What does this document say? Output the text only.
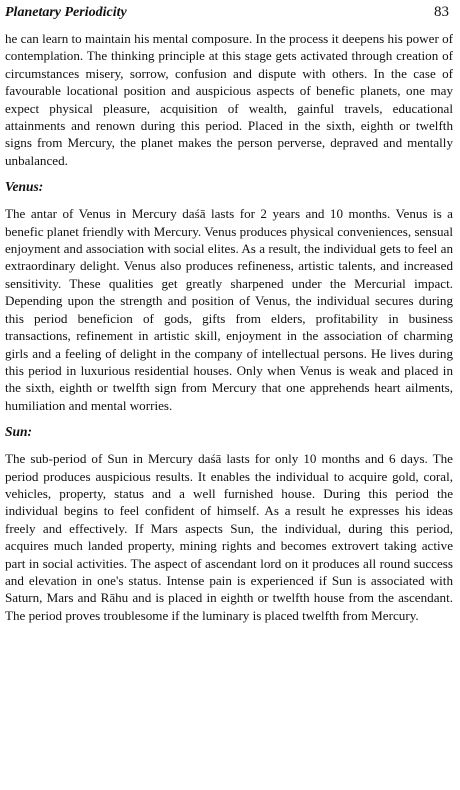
Planetary Periodicity	83

he can learn to maintain his mental composure. In the process it deepens his power of contemplation. The thinking principle at this stage gets activated through creation of circumstances misery, sorrow, confusion and dispute with others. In the case of favourable locational position and auspicious aspects of benefic planets, one may expect physical pleasure, acquisition of wealth, gainful travels, educational attainments and renown during this period. Placed in the sixth, eighth or twelfth signs from Mercury, the planet makes the person perverse, depraved and mentally unbalanced.

Venus:

The antar of Venus in Mercury daśā lasts for 2 years and 10 months. Venus is a benefic planet friendly with Mercury. Venus produces physical conveniences, sensual enjoyment and association with social elites. As a result, the individual gets to feel an extraordinary delight. Venus also produces refineness, artistic talents, and increased sensitivity. These qualities get greatly sharpened under the Mercurial impact. Depending upon the strength and position of Venus, the individual secures during this period beneficion of gods, gifts from elders, profitability in business transactions, refinement in artistic skill, enjoyment in the association of charming girls and a feeling of delight in the company of intellectual persons. He lives during this period in luxurious residential houses. Only when Venus is weak and placed in the sixth, eighth or twelfth sign from Mercury that one apprehends heart ailments, humiliation and mental worries.

Sun:

The sub-period of Sun in Mercury daśā lasts for only 10 months and 6 days. The period produces auspicious results. It enables the individual to acquire gold, coral, vehicles, property, status and a well furnished house. During this period the individual begins to feel confident of himself. As a result he expresses his ideas freely and effectively. If Mars aspects Sun, the individual, during this period, acquires much landed property, mining rights and becomes extrovert taking active part in social activities. The aspect of ascendant lord on it produces all round success and elevation in one's status. Intense pain is experienced if Sun is associated with Saturn, Mars and Rāhu and is placed in eighth or twelfth house from the ascendant. The period proves troublesome if the luminary is placed twelfth from Mercury.
